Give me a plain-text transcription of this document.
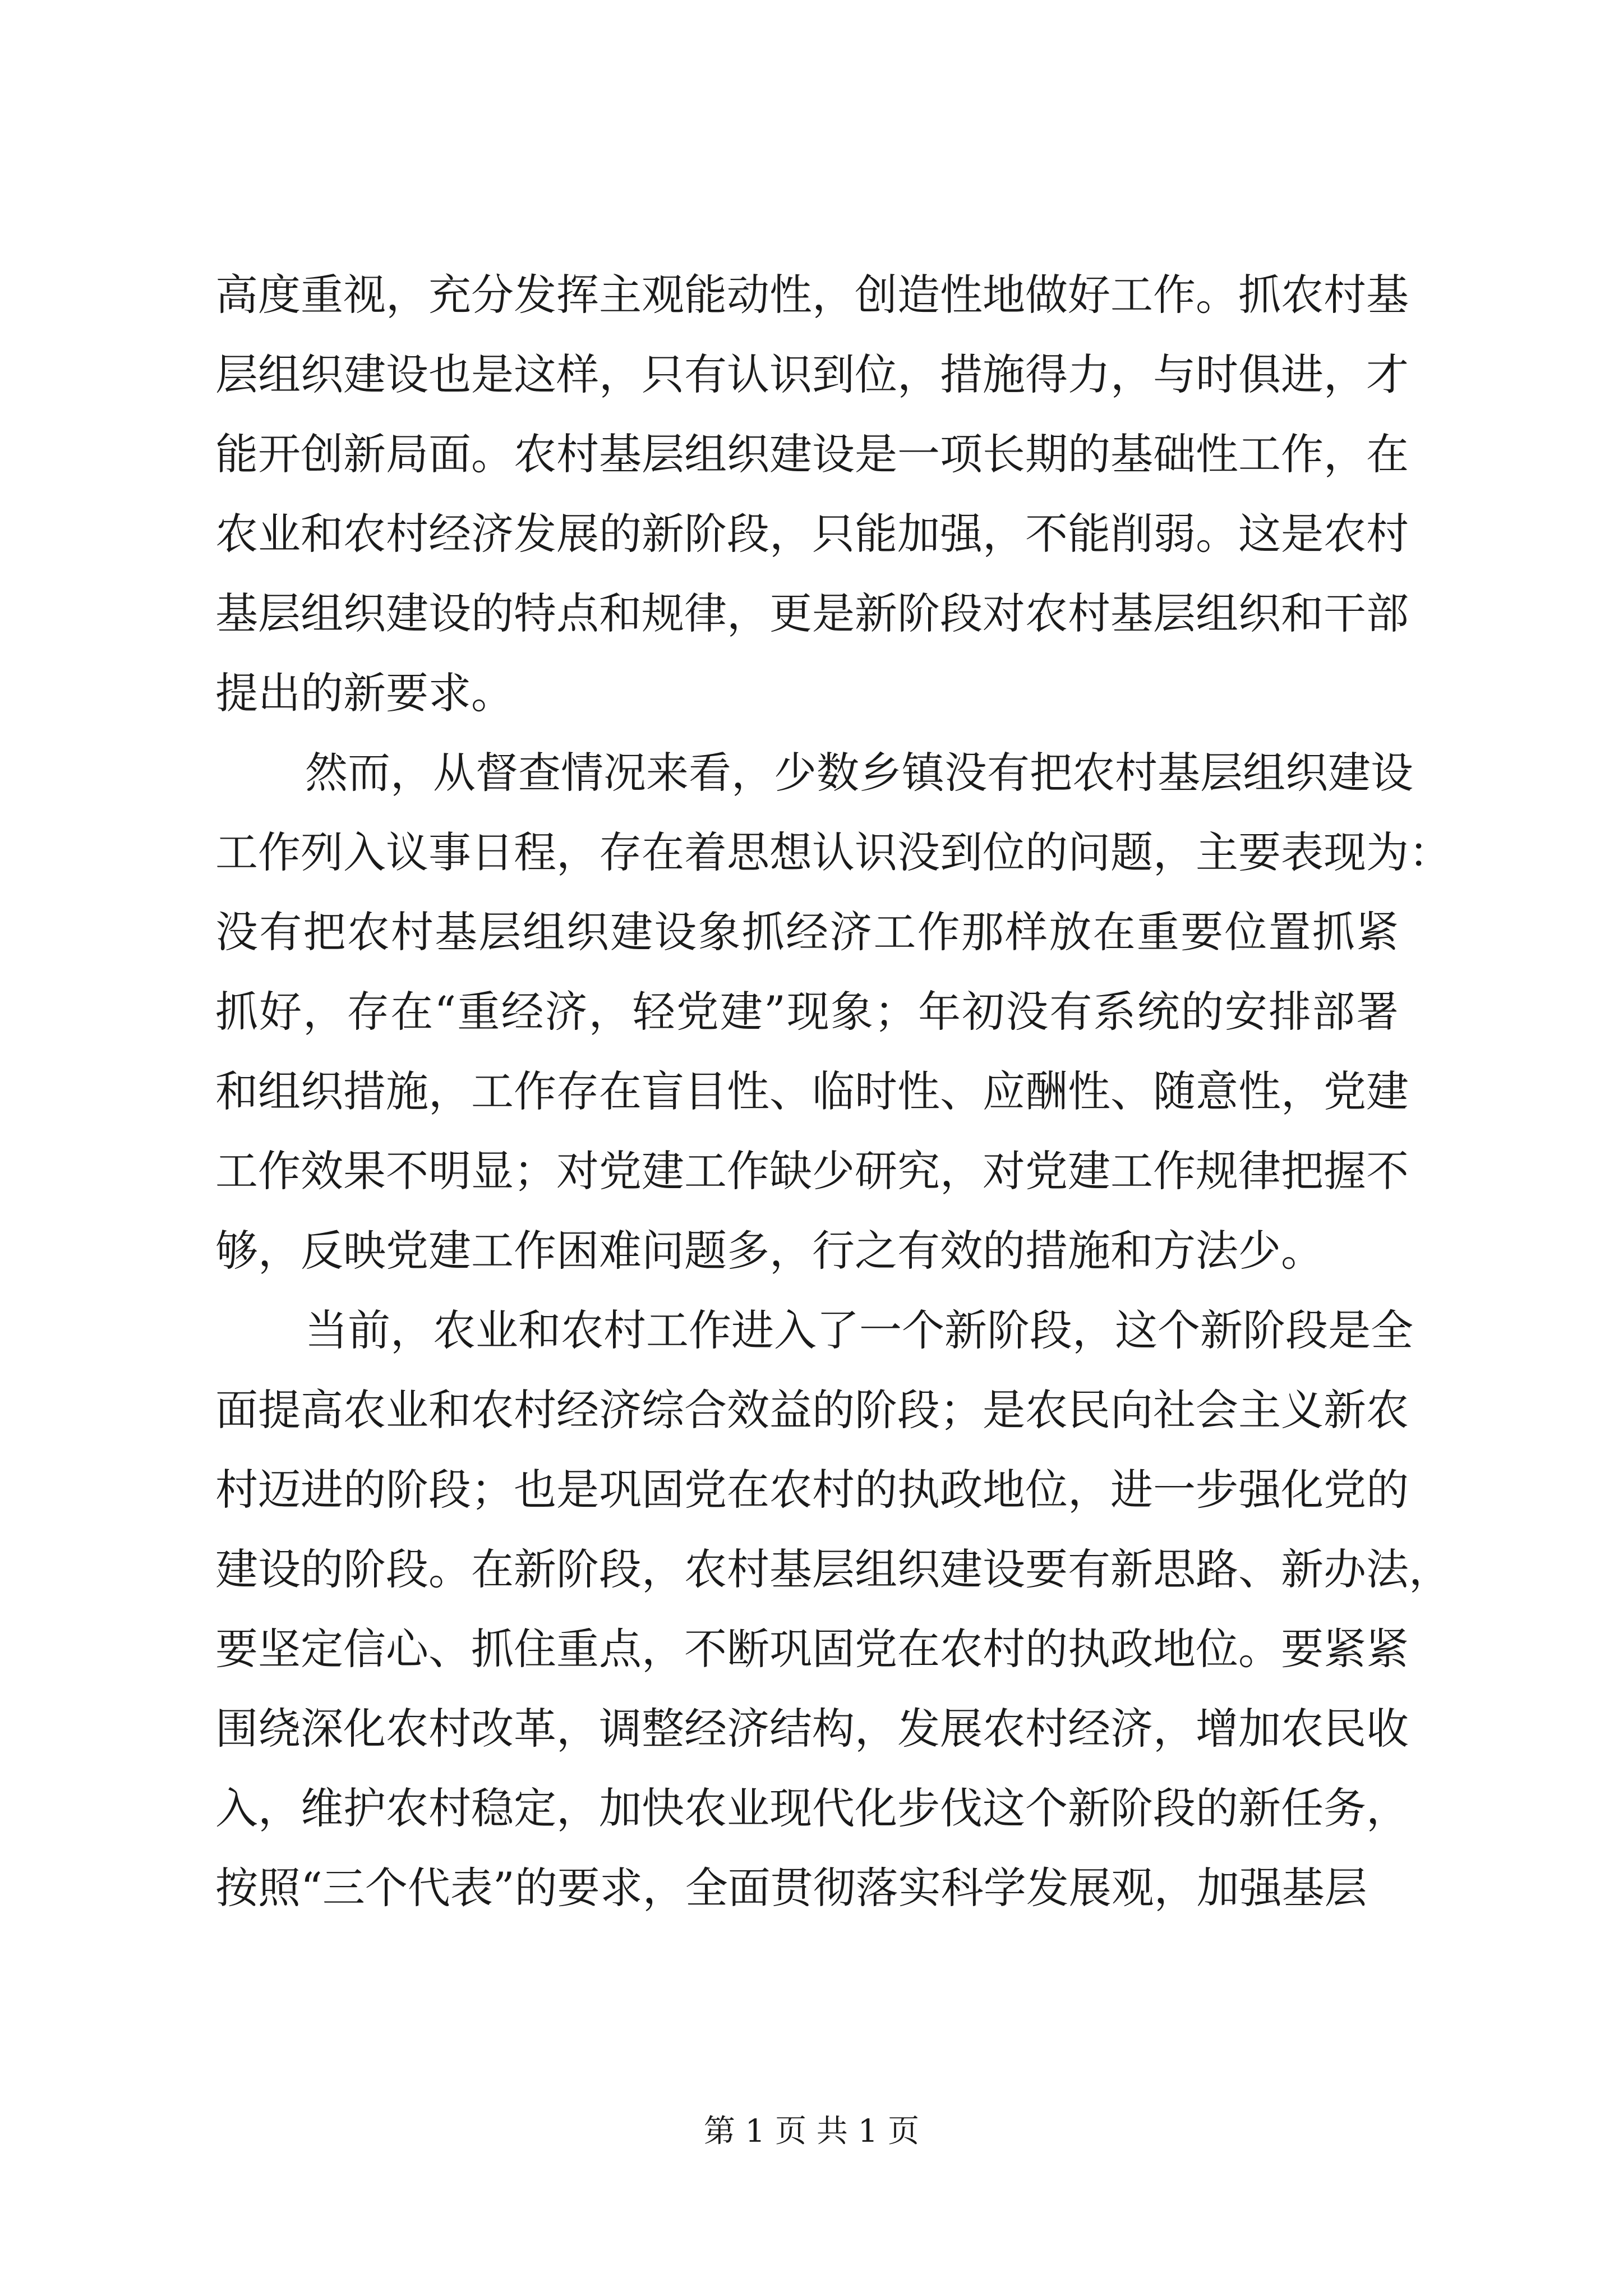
高度重视，充分发挥主观能动性，创造性地做好工作。抓农村基
层组织建设也是这样，只有认识到位，措施得力，与时俱进，才
能开创新局面。农村基层组织建设是一项长期的基础性工作，在
农业和农村经济发展的新阶段，只能加强，不能削弱。这是农村
基层组织建设的特点和规律，更是新阶段对农村基层组织和干部
提出的新要求。
然而，从督查情况来看，少数乡镇没有把农村基层组织建设
工作列入议事日程，存在着思想认识没到位的问题，主要表现为：
没有把农村基层组织建设象抓经济工作那样放在重要位置抓紧
抓好，存在“重经济，轻党建”现象；年初没有系统的安排部署
和组织措施，工作存在盲目性、临时性、应酬性、随意性，党建
工作效果不明显；对党建工作缺少研究，对党建工作规律把握不
够，反映党建工作困难问题多，行之有效的措施和方法少。
当前，农业和农村工作进入了一个新阶段，这个新阶段是全
面提高农业和农村经济综合效益的阶段；是农民向社会主义新农
村迈进的阶段；也是巩固党在农村的执政地位，进一步强化党的
建设的阶段。在新阶段，农村基层组织建设要有新思路、新办法，
要坚定信心、抓住重点，不断巩固党在农村的执政地位。要紧紧
围绕深化农村改革，调整经济结构，发展农村经济，增加农民收
入，维护农村稳定，加快农业现代化步伐这个新阶段的新任务，
按照“三个代表”的要求，全面贯彻落实科学发展观，加强基层
第 1 页 共 1 页
